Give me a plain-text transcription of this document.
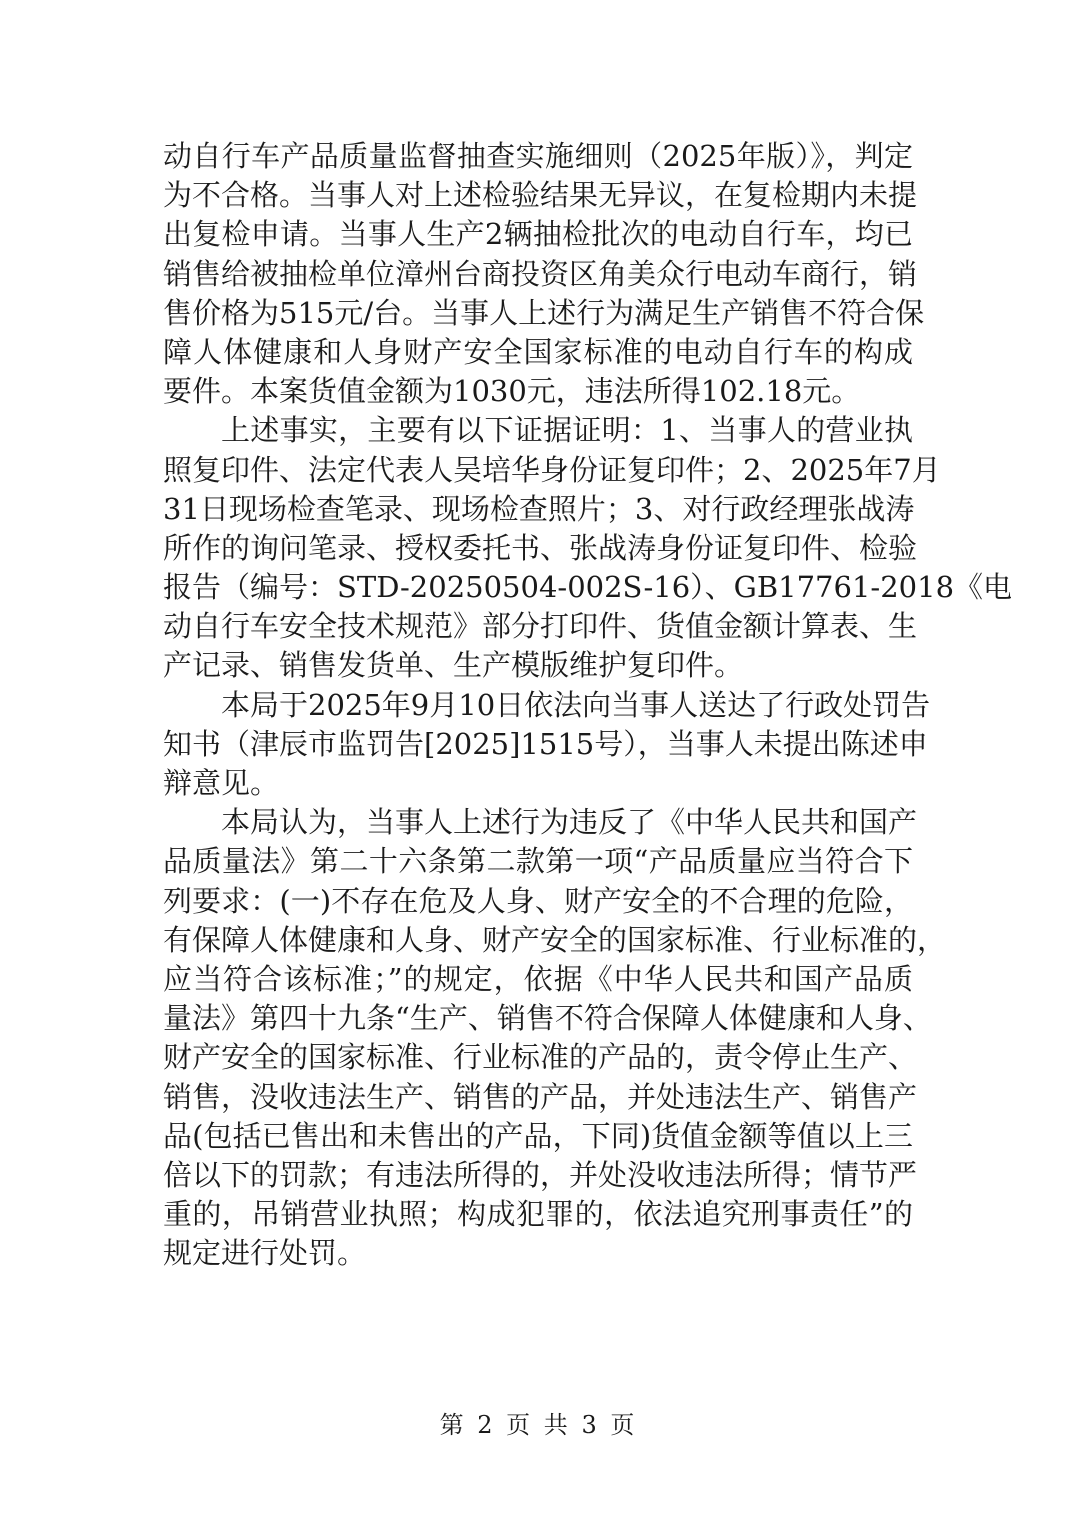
动自行车产品质量监督抽查实施细则（2025年版）》，判定
为不合格。当事人对上述检验结果无异议，在复检期内未提
出复检申请。当事人生产2辆抽检批次的电动自行车，均已
销售给被抽检单位漳州台商投资区角美众行电动车商行，销
售价格为515元/台。当事人上述行为满足生产销售不符合保
障人体健康和人身财产安全国家标准的电动自行车的构成
要件。本案货值金额为1030元，违法所得102.18元。
上述事实，主要有以下证据证明：1、当事人的营业执
照复印件、法定代表人吴培华身份证复印件；2、2025年7月
31日现场检查笔录、现场检查照片；3、对行政经理张战涛
所作的询问笔录、授权委托书、张战涛身份证复印件、检验
报告（编号：STD-20250504-002S-16）、GB17761-2018《电
动自行车安全技术规范》部分打印件、货值金额计算表、生
产记录、销售发货单、生产模版维护复印件。
本局于2025年9月10日依法向当事人送达了行政处罚告
知书（津辰市监罚告[2025]1515号），当事人未提出陈述申
辩意见。
本局认为，当事人上述行为违反了《中华人民共和国产
品质量法》第二十六条第二款第一项“产品质量应当符合下
列要求：(一)不存在危及人身、财产安全的不合理的危险，
有保障人体健康和人身、财产安全的国家标准、行业标准的，
应当符合该标准；”的规定，依据《中华人民共和国产品质
量法》第四十九条“生产、销售不符合保障人体健康和人身、
财产安全的国家标准、行业标准的产品的，责令停止生产、
销售，没收违法生产、销售的产品，并处违法生产、销售产
品(包括已售出和未售出的产品，下同)货值金额等值以上三
倍以下的罚款；有违法所得的，并处没收违法所得；情节严
重的，吊销营业执照；构成犯罪的，依法追究刑事责任”的
规定进行处罚。
第 2 页 共 3 页
